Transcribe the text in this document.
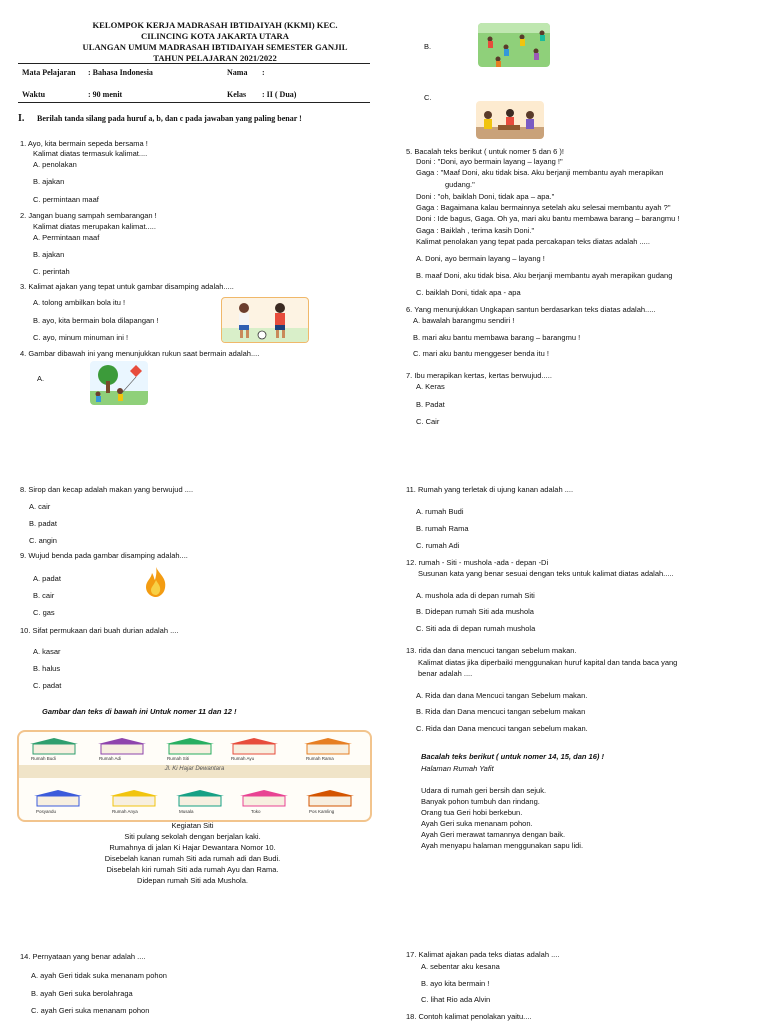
KELOMPOK KERJA MADRASAH IBTIDAIYAH (KKMI) KEC.
CILINCING KOTA JAKARTA UTARA
ULANGAN UMUM MADRASAH IBTIDAIYAH SEMESTER GANJIL
TAHUN PELAJARAN 2021/2022
Mata Pelajaran : Bahasa Indonesia	Nama :
Waktu	: 90 menit	Kelas : II ( Dua)
I. Berilah tanda silang pada huruf a, b, dan c pada jawaban yang paling benar !
1. Ayo, kita bermain sepeda bersama !
Kalimat diatas termasuk kalimat....
A. penolakan
B. ajakan
C. permintaan maaf
2. Jangan buang sampah sembarangan !
Kalimat diatas merupakan kalimat.....
A. Permintaan maaf
B. ajakan
C. perintah
3. Kalimat ajakan yang tepat untuk gambar disamping adalah.....
A. tolong ambilkan bola itu !
B. ayo, kita bermain bola dilapangan !
C. ayo, minum minuman ini !
4. Gambar dibawah ini yang menunjukkan rukun saat bermain adalah....
A.
8. Sirop dan kecap adalah makan yang berwujud ....
A. cair
B. padat
C. angin
9. Wujud benda pada gambar disamping adalah....
A. padat
B. cair
C. gas
10. Sifat permukaan dari buah durian adalah ....
A. kasar
B. halus
C. padat
Gambar dan teks di bawah ini Untuk nomer 11 dan 12 !
Jl. Ki Hajar Dewantara
Rumah Budi	Rumah Adi	Rumah Siti	Rumah Ayu	Rumah Rama
Posyandu	Rumah Anya	Musala	Toko	Pos Kamling
Kegiatan Siti
Siti pulang sekolah dengan berjalan kaki.
Rumahnya di jalan Ki Hajar Dewantara Nomor 10.
Disebelah kanan rumah Siti ada rumah adi dan Budi.
Disebelah kiri rumah Siti ada rumah Ayu dan Rama.
Didepan rumah Siti ada Mushola.
14. Pernyataan yang benar adalah ....
A. ayah Geri tidak suka menanam pohon
B. ayah Geri suka berolahraga
C. ayah Geri suka menanam pohon
B.
C.
5. Bacalah teks berikut ( untuk nomer 5 dan 6 )!
Doni : "Doni, ayo bermain layang – layang !"
Gaga : "Maaf Doni, aku tidak bisa. Aku berjanji membantu ayah merapikan
gudang."
Doni : "oh, baiklah Doni, tidak apa – apa."
Gaga : Bagaimana kalau bermainnya setelah aku selesai membantu ayah ?"
Doni : Ide bagus, Gaga. Oh ya, mari aku bantu membawa barang – barangmu !
Gaga : Baiklah , terima kasih Doni."
Kalimat penolakan yang tepat pada percakapan teks diatas adalah .....
A. Doni, ayo bermain layang – layang !
B. maaf Doni, aku tidak bisa. Aku berjanji membantu ayah merapikan gudang
C. baiklah Doni, tidak apa - apa
6. Yang menunjukkan Ungkapan santun berdasarkan teks diatas adalah.....
A. bawalah barangmu sendiri !
B. mari aku bantu membawa barang – barangmu !
C. mari aku bantu menggeser benda itu !
7. Ibu merapikan kertas, kertas berwujud.....
A. Keras
B. Padat
C. Cair
11. Rumah yang terletak di ujung kanan adalah ....
A. rumah Budi
B. rumah Rama
C. rumah Adi
12. rumah - Siti - mushola -ada - depan -Di
Susunan kata yang benar sesuai dengan teks untuk kalimat diatas adalah.....
A. mushola ada di depan rumah Siti
B. Didepan rumah Siti ada mushola
C. Siti ada di depan rumah mushola
13. rida dan dana mencuci tangan sebelum makan.
Kalimat diatas jika diperbaiki menggunakan huruf kapital dan tanda baca yang
benar adalah ....
A. Rida dan dana Mencuci tangan Sebelum makan.
B. Rida dan Dana mencuci tangan sebelum makan
C. Rida dan Dana mencuci tangan sebelum makan.
Bacalah teks berikut ( untuk nomer 14, 15, dan 16) !
Halaman Rumah Yafit
Udara di rumah geri bersih dan sejuk.
Banyak pohon tumbuh dan rindang.
Orang tua Geri hobi berkebun.
Ayah Geri suka menanam pohon.
Ayah Geri merawat tamannya dengan baik.
Ayah menyapu halaman menggunakan sapu lidi.
17. Kalimat ajakan pada teks diatas adalah ....
A. sebentar aku kesana
B. ayo kita bermain !
C. lihat Rio ada Alvin
18. Contoh kalimat penolakan yaitu....
